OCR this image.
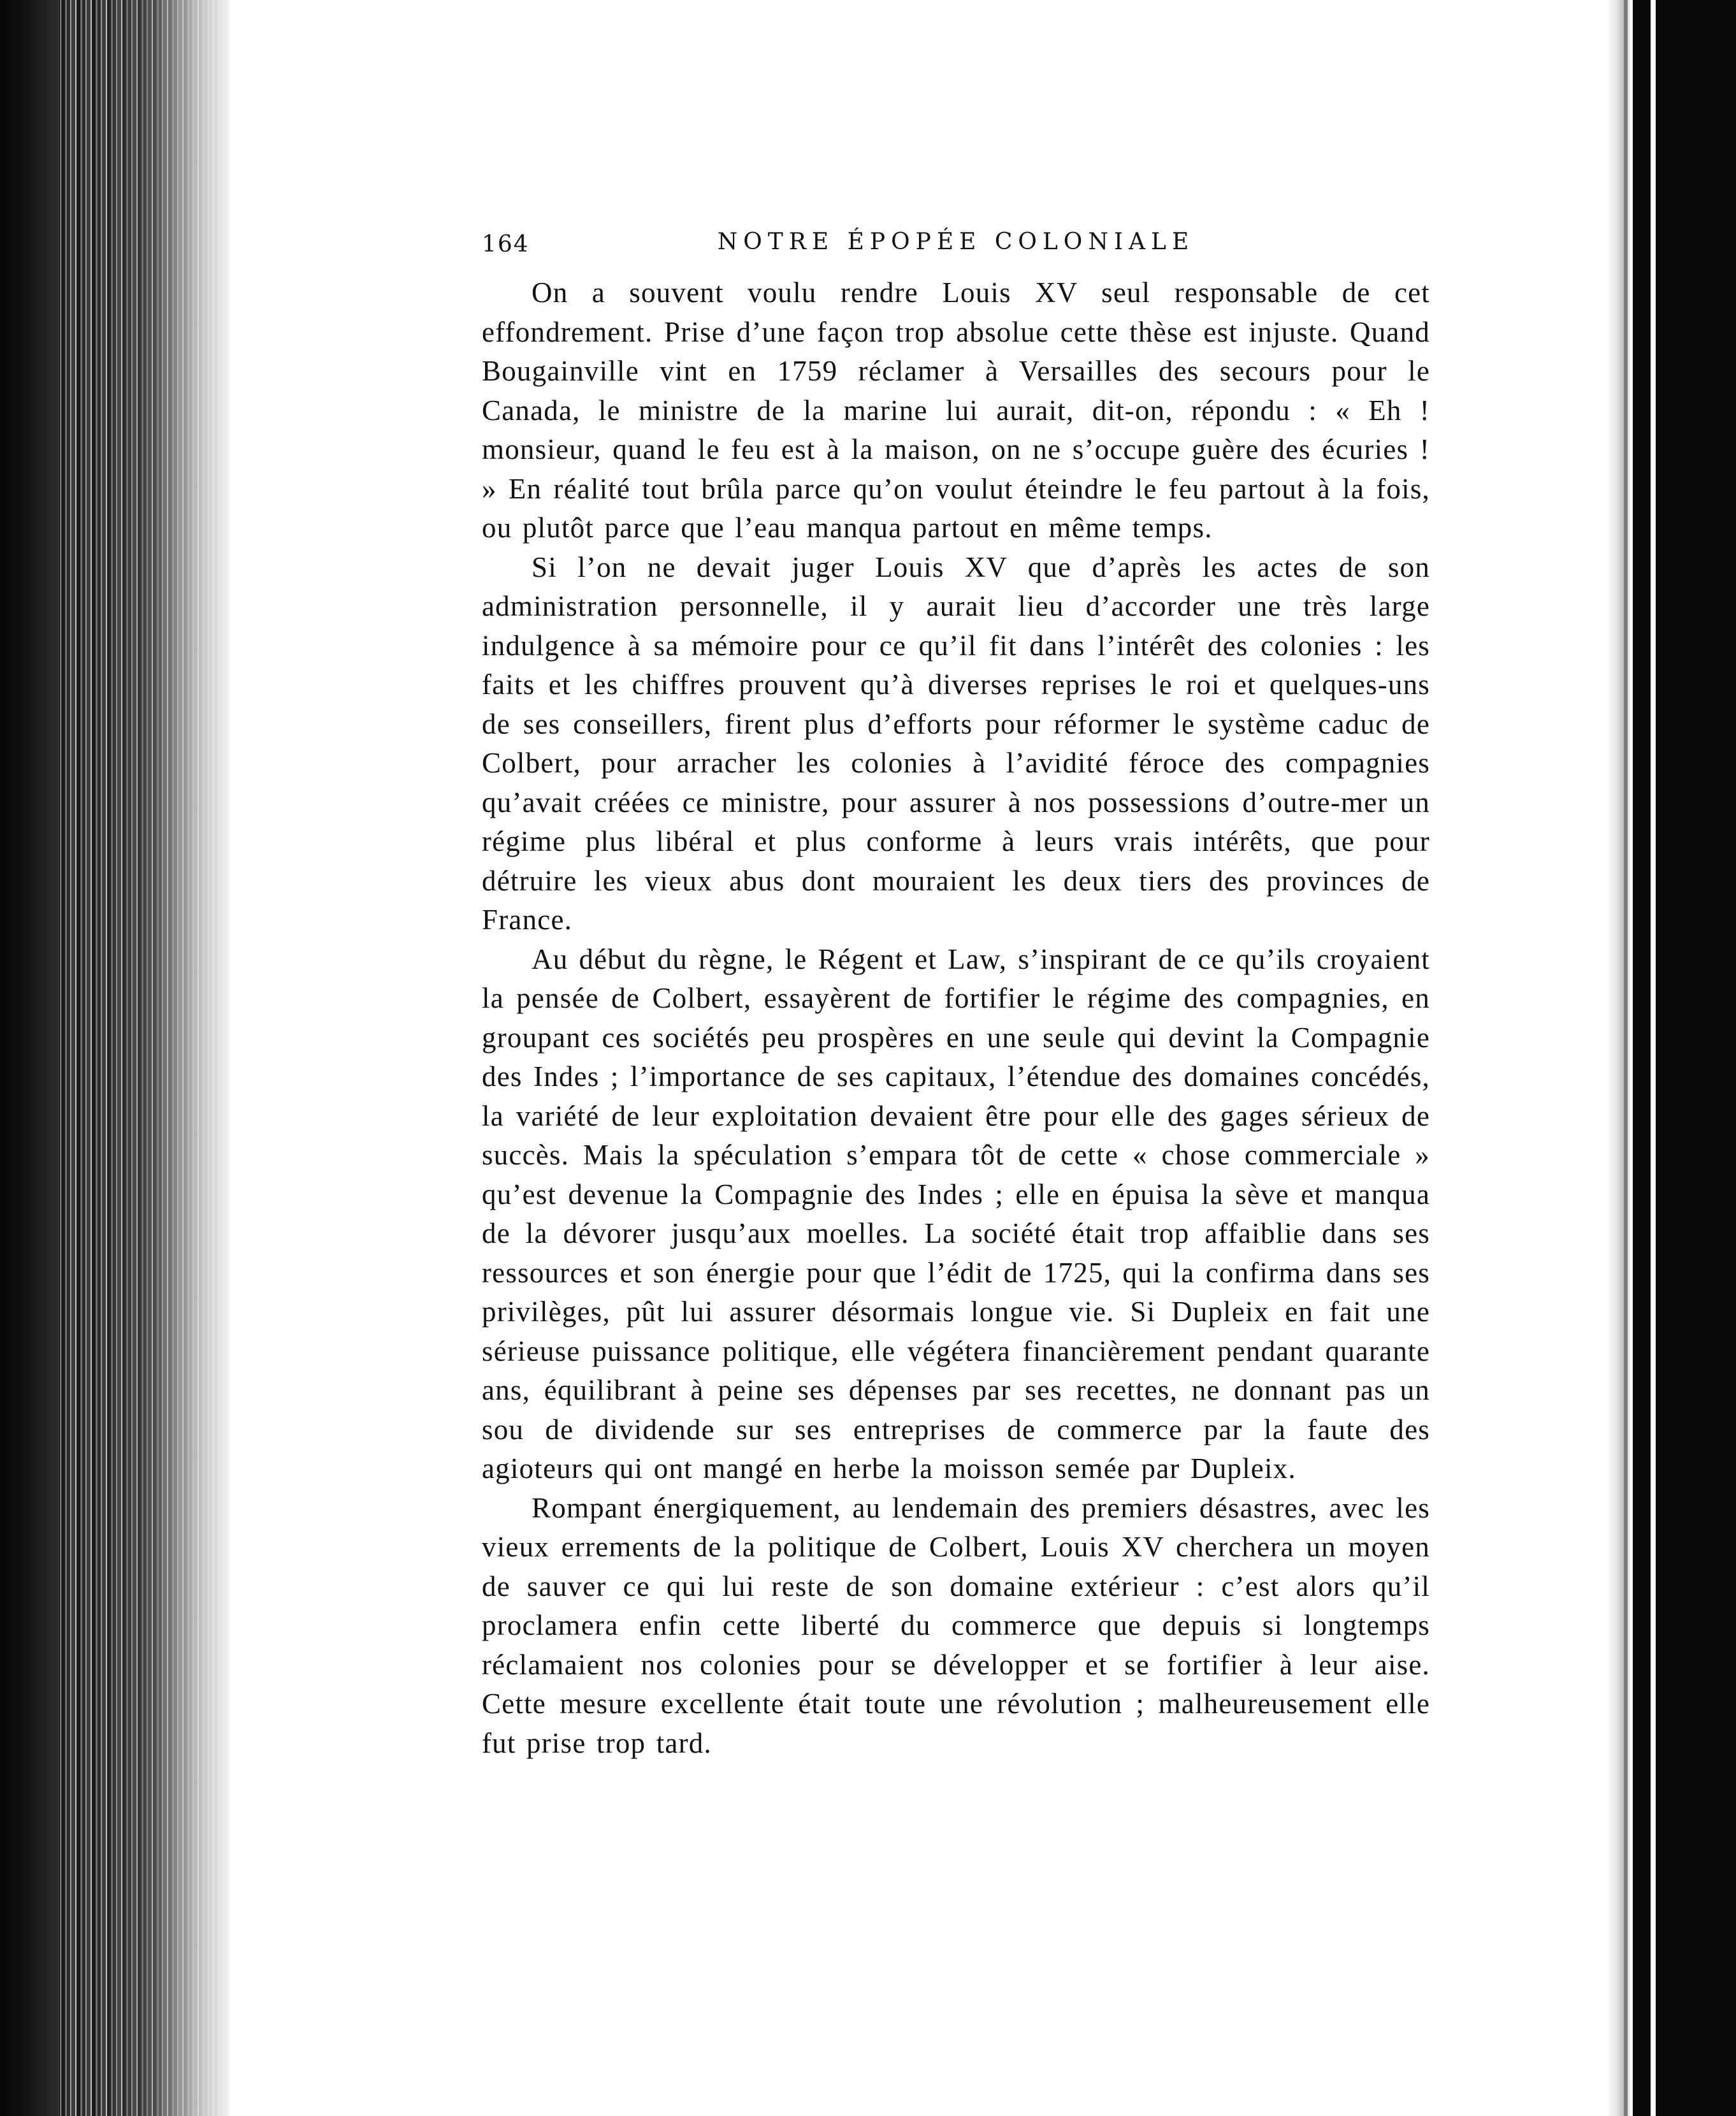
164	NOTRE ÉPOPÉE COLONIALE

On a souvent voulu rendre Louis XV seul responsable de cet effondrement. Prise d’une façon trop absolue cette thèse est injuste. Quand Bougainville vint en 1759 réclamer à Versailles des secours pour le Canada, le ministre de la marine lui aurait, dit-on, répondu : « Eh ! monsieur, quand le feu est à la maison, on ne s’occupe guère des écuries ! » En réalité tout brûla parce qu’on voulut éteindre le feu partout à la fois, ou plutôt parce que l’eau manqua partout en même temps.

Si l’on ne devait juger Louis XV que d’après les actes de son administration personnelle, il y aurait lieu d’accorder une très large indulgence à sa mémoire pour ce qu’il fit dans l’intérêt des colonies : les faits et les chiffres prouvent qu’à diverses reprises le roi et quelques-uns de ses conseillers, firent plus d’efforts pour réformer le système caduc de Colbert, pour arracher les colonies à l’avidité féroce des compagnies qu’avait créées ce ministre, pour assurer à nos possessions d’outre-mer un régime plus libéral et plus conforme à leurs vrais intérêts, que pour détruire les vieux abus dont mouraient les deux tiers des provinces de France.

Au début du règne, le Régent et Law, s’inspirant de ce qu’ils croyaient la pensée de Colbert, essayèrent de fortifier le régime des compagnies, en groupant ces sociétés peu prospères en une seule qui devint la Compagnie des Indes ; l’importance de ses capitaux, l’étendue des domaines concédés, la variété de leur exploitation devaient être pour elle des gages sérieux de succès. Mais la spéculation s’empara tôt de cette « chose commerciale » qu’est devenue la Compagnie des Indes ; elle en épuisa la sève et manqua de la dévorer jusqu’aux moelles. La société était trop affaiblie dans ses ressources et son énergie pour que l’édit de 1725, qui la confirma dans ses privilèges, pût lui assurer désormais longue vie. Si Dupleix en fait une sérieuse puissance politique, elle végétera financièrement pendant quarante ans, équilibrant à peine ses dépenses par ses recettes, ne donnant pas un sou de dividende sur ses entreprises de commerce par la faute des agioteurs qui ont mangé en herbe la moisson semée par Dupleix.

Rompant énergiquement, au lendemain des premiers désastres, avec les vieux errements de la politique de Colbert, Louis XV cherchera un moyen de sauver ce qui lui reste de son domaine extérieur : c’est alors qu’il proclamera enfin cette liberté du commerce que depuis si longtemps réclamaient nos colonies pour se développer et se fortifier à leur aise. Cette mesure excellente était toute une révolution ; malheureusement elle fut prise trop tard.
